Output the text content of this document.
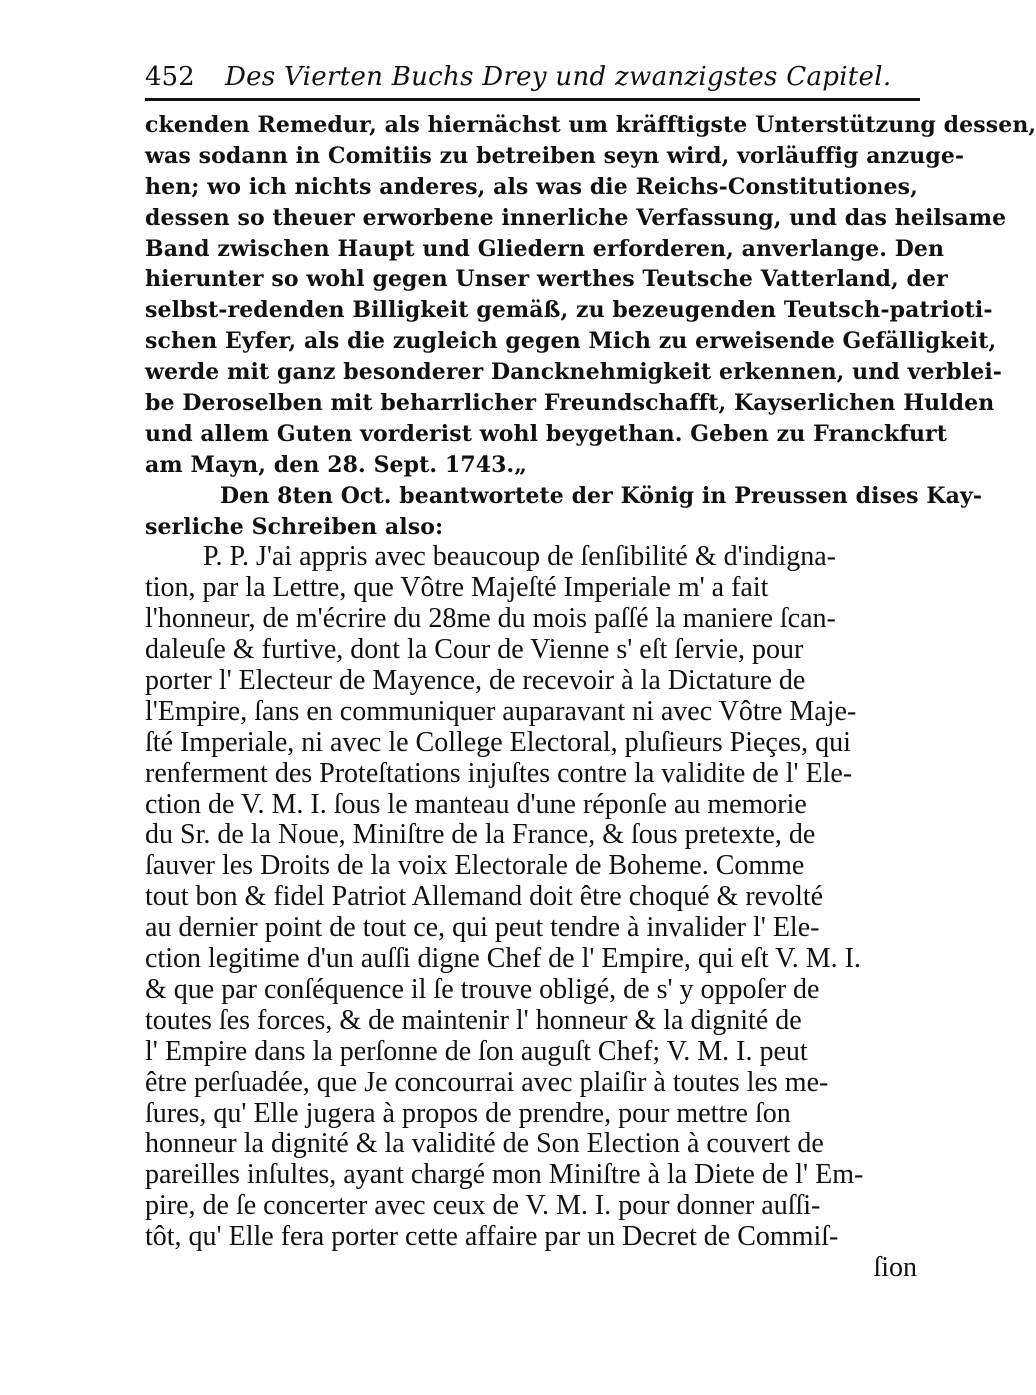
452 Des Vierten Buchs Drey und zwanzigstes Capitel.
ckenden Remedur, als hiernächst um kräfftigste Unterstützung dessen,
was sodann in Comitiis zu betreiben seyn wird, vorläuffig anzuge-
hen; wo ich nichts anderes, als was die Reichs-Constitutiones,
dessen so theuer erworbene innerliche Verfassung, und das heilsame
Band zwischen Haupt und Gliedern erforderen, anverlange. Den
hierunter so wohl gegen Unser werthes Teutsche Vatterland, der
selbst-redenden Billigkeit gemäß, zu bezeugenden Teutsch-patrioti-
schen Eyfer, als die zugleich gegen Mich zu erweisende Gefälligkeit,
werde mit ganz besonderer Dancknehmigkeit erkennen, und verblei-
be Deroselben mit beharrlicher Freundschafft, Kayserlichen Hulden
und allem Guten vorderist wohl beygethan. Geben zu Franckfurt
am Mayn, den 28. Sept. 1743.„
Den 8ten Oct. beantwortete der König in Preussen dises Kay-
serliche Schreiben also:
P. P. J'ai appris avec beaucoup de ſenſibilité & d'indigna-
tion, par la Lettre, que Vôtre Majeſté Imperiale m' a fait
l'honneur, de m'écrire du 28me du mois paſſé la maniere ſcan-
daleuſe & furtive, dont la Cour de Vienne s' eſt ſervie, pour
porter l' Electeur de Mayence, de recevoir à la Dictature de
l'Empire, ſans en communiquer auparavant ni avec Vôtre Maje-
ſté Imperiale, ni avec le College Electoral, pluſieurs Pieçes, qui
renferment des Proteſtations injuſtes contre la validite de l' Ele-
ction de V. M. I. ſous le manteau d'une réponſe au memorie
du Sr. de la Noue, Miniſtre de la France, & ſous pretexte, de
ſauver les Droits de la voix Electorale de Boheme. Comme
tout bon & fidel Patriot Allemand doit être choqué & revolté
au dernier point de tout ce, qui peut tendre à invalider l' Ele-
ction legitime d'un auſſi digne Chef de l' Empire, qui eſt V. M. I.
& que par conſéquence il ſe trouve obligé, de s' y oppoſer de
toutes ſes forces, & de maintenir l' honneur & la dignité de
l' Empire dans la perſonne de ſon auguſt Chef; V. M. I. peut
être perſuadée, que Je concourrai avec plaiſir à toutes les me-
ſures, qu' Elle jugera à propos de prendre, pour mettre ſon
honneur la dignité & la validité de Son Election à couvert de
pareilles inſultes, ayant chargé mon Miniſtre à la Diete de l' Em-
pire, de ſe concerter avec ceux de V. M. I. pour donner auſſi-
tôt, qu' Elle fera porter cette affaire par un Decret de Commiſ-
ſion
